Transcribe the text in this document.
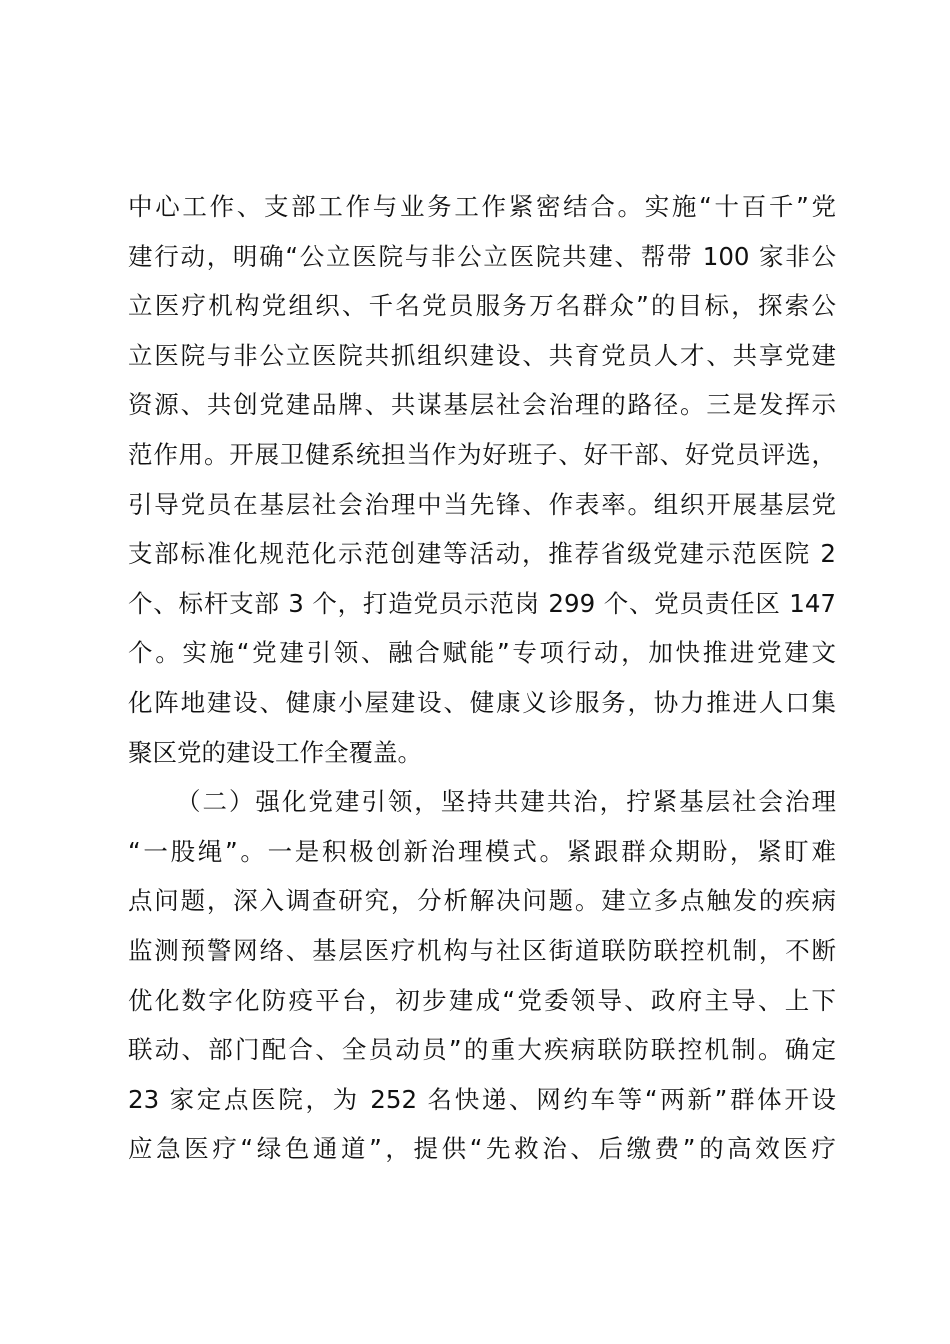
中心工作、支部工作与业务工作紧密结合。实施“十百千”党
建行动，明确“公立医院与非公立医院共建、帮带 100 家非公
立医疗机构党组织、千名党员服务万名群众”的目标，探索公
立医院与非公立医院共抓组织建设、共育党员人才、共享党建
资源、共创党建品牌、共谋基层社会治理的路径。三是发挥示
范作用。开展卫健系统担当作为好班子、好干部、好党员评选，
引导党员在基层社会治理中当先锋、作表率。组织开展基层党
支部标准化规范化示范创建等活动，推荐省级党建示范医院 2
个、标杆支部 3 个，打造党员示范岗 299 个、党员责任区 147
个。实施“党建引领、融合赋能”专项行动，加快推进党建文
化阵地建设、健康小屋建设、健康义诊服务，协力推进人口集
聚区党的建设工作全覆盖。
（二）强化党建引领，坚持共建共治，拧紧基层社会治理
“一股绳”。一是积极创新治理模式。紧跟群众期盼，紧盯难
点问题，深入调查研究，分析解决问题。建立多点触发的疾病
监测预警网络、基层医疗机构与社区街道联防联控机制，不断
优化数字化防疫平台，初步建成“党委领导、政府主导、上下
联动、部门配合、全员动员”的重大疾病联防联控机制。确定
23 家定点医院，为 252 名快递、网约车等“两新”群体开设
应急医疗“绿色通道”，提供“先救治、后缴费”的高效医疗
